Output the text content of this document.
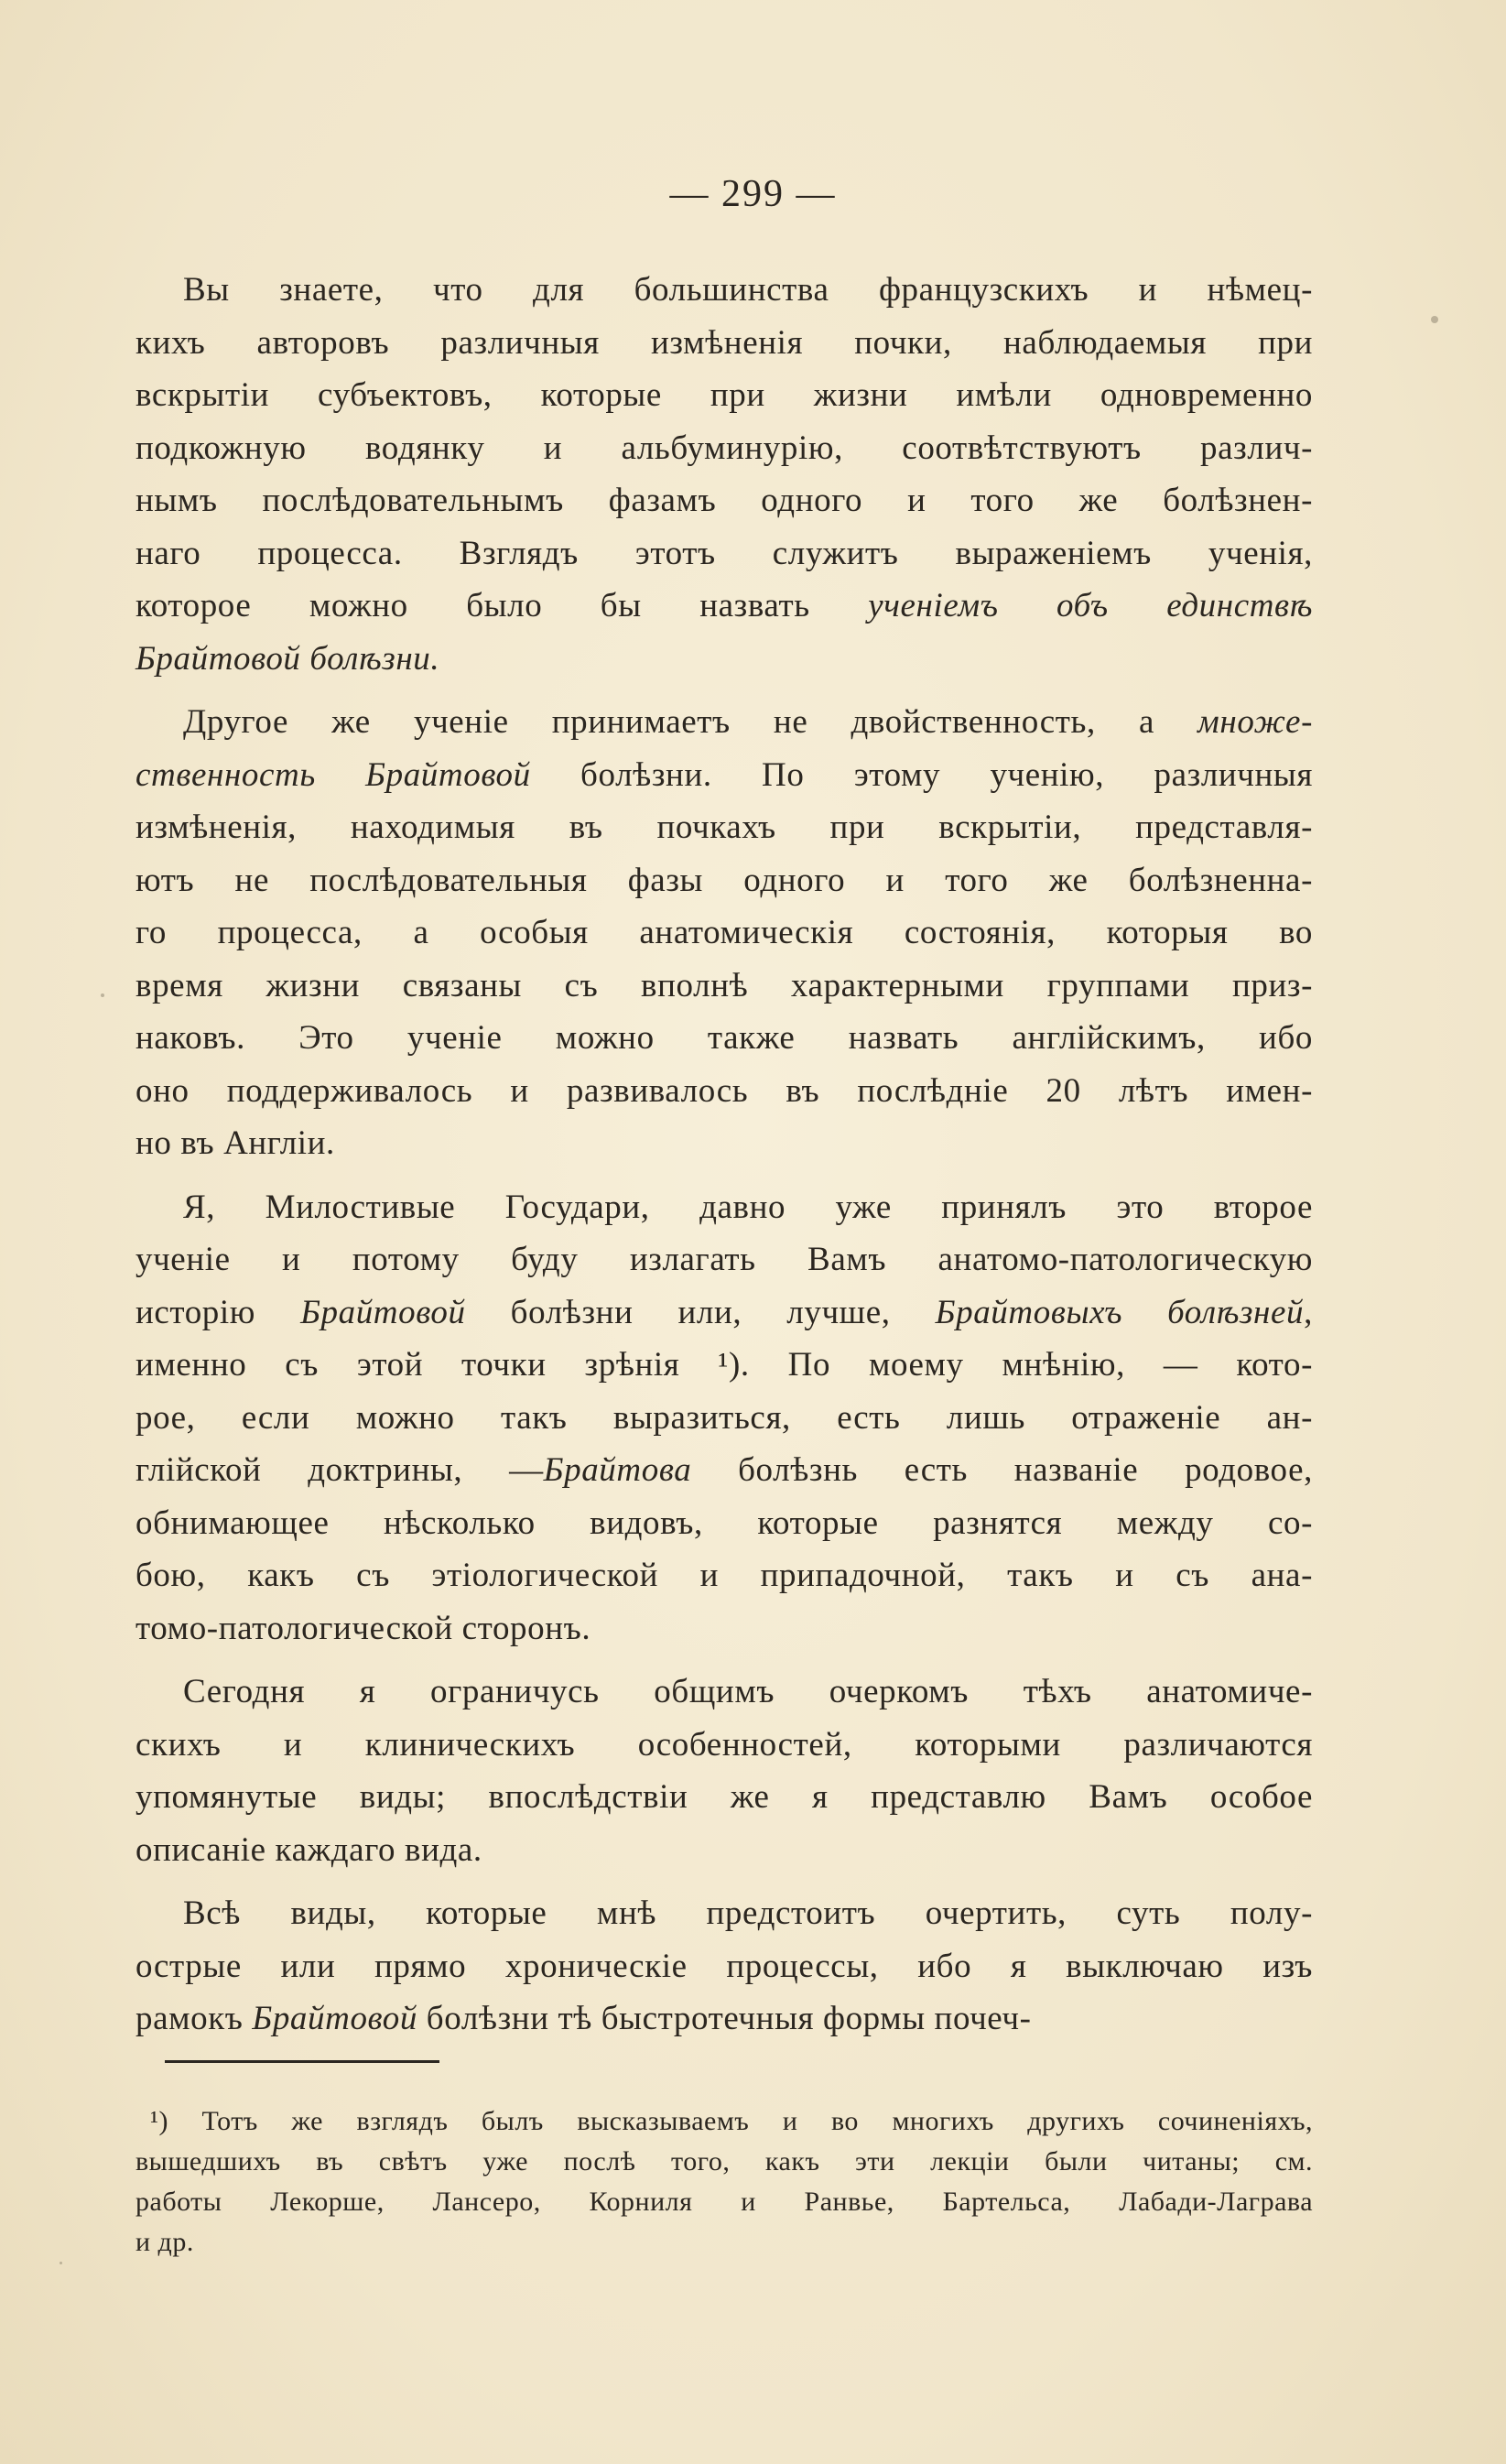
— 299 —
Вы знаете, что для большинства французскихъ и нѣмец-
кихъ авторовъ различныя измѣненія почки, наблюдаемыя при
вскрытіи субъектовъ, которые при жизни имѣли одновременно
подкожную водянку и альбуминурію, соотвѣтствуютъ различ-
нымъ послѣдовательнымъ фазамъ одного и того же болѣзнен-
наго процесса. Взглядъ этотъ служитъ выраженіемъ ученія,
которое можно было бы назвать ученіемъ объ единствѣ
Брайтовой болѣзни.
Другое же ученіе принимаетъ не двойственность, а множе-
ственность Брайтовой болѣзни. По этому ученію, различныя
измѣненія, находимыя въ почкахъ при вскрытіи, представля-
ютъ не послѣдовательныя фазы одного и того же болѣзненна-
го процесса, а особыя анатомическія состоянія, которыя во
время жизни связаны съ вполнѣ характерными группами приз-
наковъ. Это ученіе можно также назвать англійскимъ, ибо
оно поддерживалось и развивалось въ послѣдніе 20 лѣтъ имен-
но въ Англіи.
Я, Милостивые Государи, давно уже принялъ это второе
ученіе и потому буду излагать Вамъ анатомо-патологическую
исторію Брайтовой болѣзни или, лучше, Брайтовыхъ болѣзней,
именно съ этой точки зрѣнія ¹). По моему мнѣнію, — кото-
рое, если можно такъ выразиться, есть лишь отраженіе ан-
глійской доктрины, —Брайтова болѣзнь есть названіе родовое,
обнимающее нѣсколько видовъ, которые разнятся между со-
бою, какъ съ этіологической и припадочной, такъ и съ ана-
томо-патологической сторонъ.
Сегодня я ограничусь общимъ очеркомъ тѣхъ анатомиче-
скихъ и клиническихъ особенностей, которыми различаются
упомянутые виды; впослѣдствіи же я представлю Вамъ особое
описаніе каждаго вида.
Всѣ виды, которые мнѣ предстоитъ очертить, суть полу-
острые или прямо хроническіе процессы, ибо я выключаю изъ
рамокъ Брайтовой болѣзни тѣ быстротечныя формы почеч-
¹) Тотъ же взглядъ былъ высказываемъ и во многихъ другихъ сочиненіяхъ,
вышедшихъ въ свѣтъ уже послѣ того, какъ эти лекціи были читаны; см.
работы Лекорше, Лансеро, Корниля и Ранвье, Бартельса, Лабади-Лаграва
и др.
